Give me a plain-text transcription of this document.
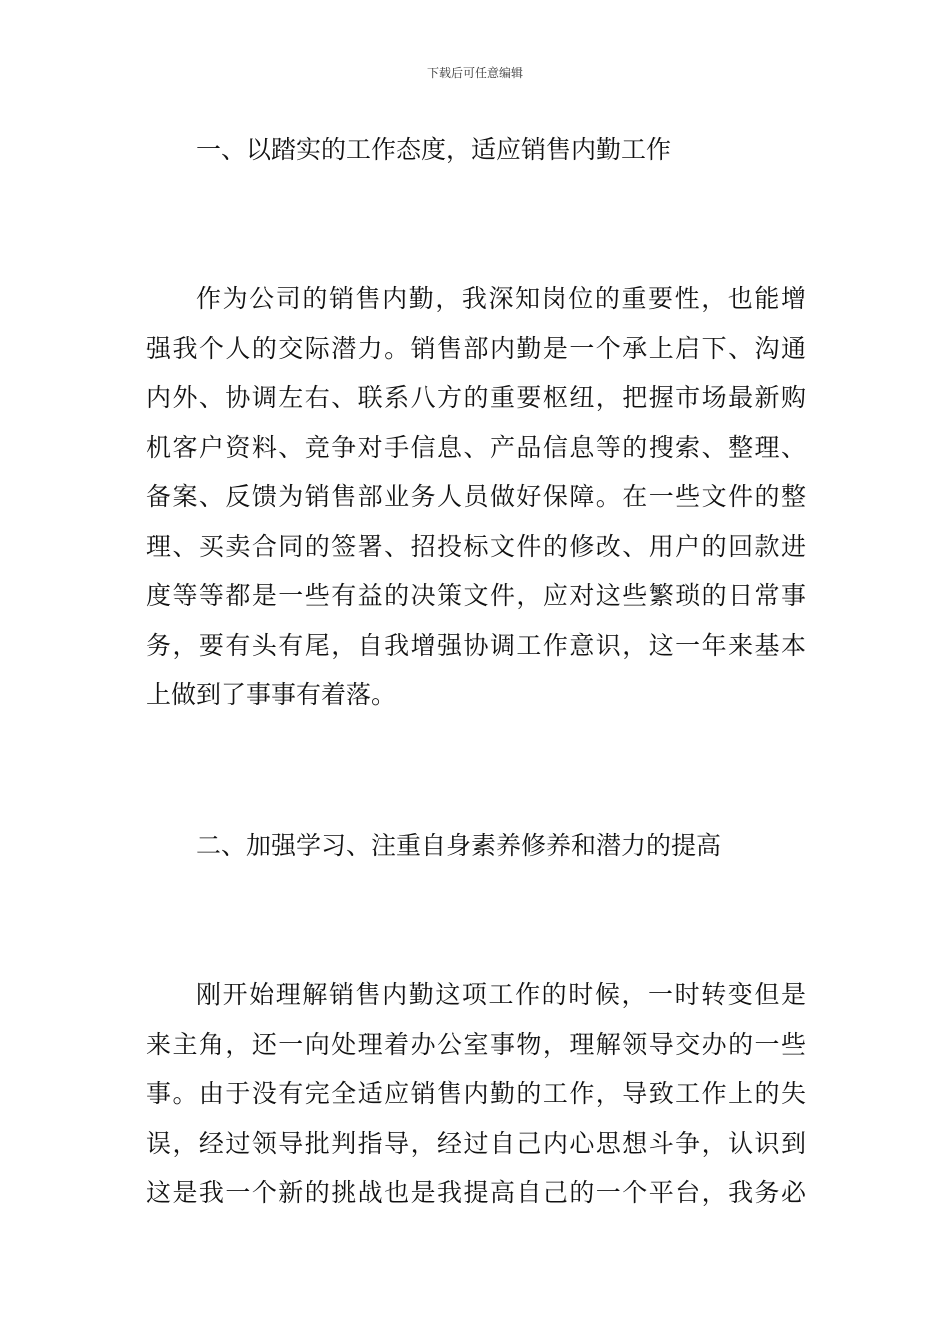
下载后可任意编辑
一、以踏实的工作态度，适应销售内勤工作
作为公司的销售内勤，我深知岗位的重要性，也能增
强我个人的交际潜力。销售部内勤是一个承上启下、沟通
内外、协调左右、联系八方的重要枢纽，把握市场最新购
机客户资料、竞争对手信息、产品信息等的搜索、整理、
备案、反馈为销售部业务人员做好保障。在一些文件的整
理、买卖合同的签署、招投标文件的修改、用户的回款进
度等等都是一些有益的决策文件，应对这些繁琐的日常事
务，要有头有尾，自我增强协调工作意识，这一年来基本
上做到了事事有着落。
二、加强学习、注重自身素养修养和潜力的提高
刚开始理解销售内勤这项工作的时候，一时转变但是
来主角，还一向处理着办公室事物，理解领导交办的一些
事。由于没有完全适应销售内勤的工作，导致工作上的失
误，经过领导批判指导，经过自己内心思想斗争，认识到
这是我一个新的挑战也是我提高自己的一个平台，我务必
